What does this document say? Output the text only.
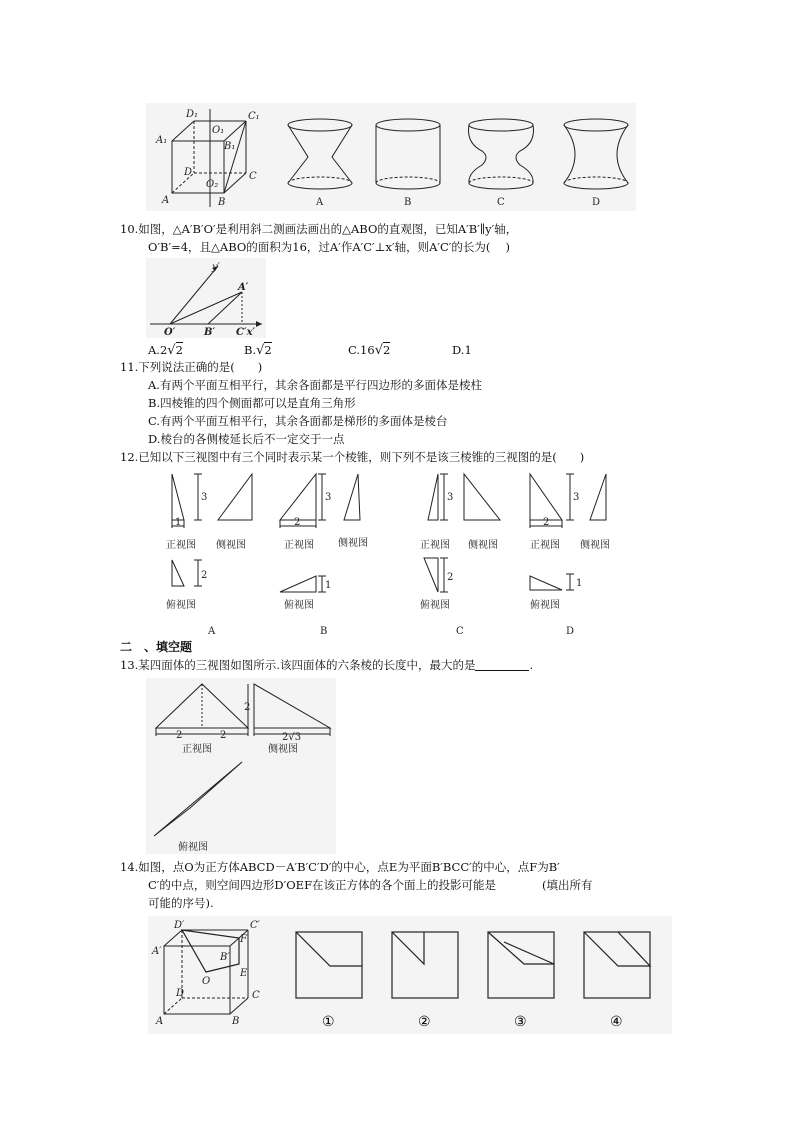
D₁	C₁
O₁
A₁
B₁
D	C
O₂
A	B	A	B	C	D
10.如图，△A′B′O′是利用斜二测画法画出的△ABO的直观图，已知A′B′∥y′轴，
O′B′=4，且△ABO的面积为16，过A′作A′C′⊥x′轴，则A′C′的长为(　 )
y′
A′
O′	B′ C′x′
A.2√2	B.√2	C.16√2	D.1
11.下列说法正确的是(　　)
A.有两个平面互相平行，其余各面都是平行四边形的多面体是棱柱
B.四棱锥的四个侧面都可以是直角三角形
C.有两个平面互相平行，其余各面都是梯形的多面体是棱台
D.棱台的各侧棱延长后不一定交于一点
12.已知以下三视图中有三个同时表示某一个棱锥，则下列不是该三棱锥的三视图的是(　　)
3
1
2
3
2
1
3
2
3
2
1
正视图 侧视图
俯视图
正视图 侧视图
俯视图
正视图 侧视图
俯视图
正视图 侧视图
俯视图
A	B	C	D
二　、填空题
13.某四面体的三视图如图所示.该四面体的六条棱的长度中，最大的是	.
2	2
2
2√3
正视图	侧视图
俯视图
14.如图，点O为正方体ABCD－A′B′C′D′的中心，点E为平面B′BCC′的中心，点F为B′
C′的中点，则空间四边形D′OEF在该正方体的各个面上的投影可能是　　　　(填出所有
可能的序号).
D′	C′
A′
F
B′
O
E
D	C
A	B	①	②	③	④
